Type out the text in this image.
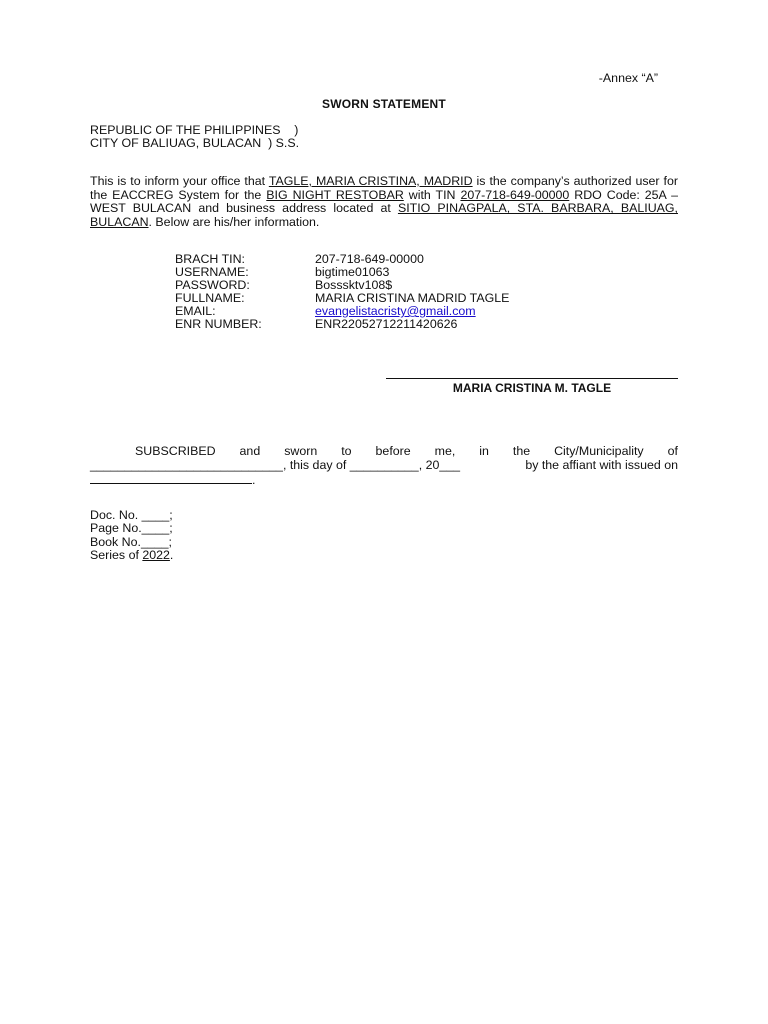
-Annex “A”
SWORN STATEMENT
REPUBLIC OF THE PHILIPPINES    )
CITY OF BALIUAG, BULACAN  ) S.S.
This is to inform your office that TAGLE, MARIA CRISTINA, MADRID is the company’s authorized user for the EACCREG System for the BIG NIGHT RESTOBAR with TIN 207-718-649-00000 RDO Code: 25A –WEST BULACAN and business address located at SITIO PINAGPALA, STA. BARBARA, BALIUAG, BULACAN. Below are his/her information.
BRACH TIN:	207-718-649-00000
USERNAME:	bigtime01063
PASSWORD:	Bosssktv108$
FULLNAME:	MARIA CRISTINA MADRID TAGLE
EMAIL:	evangelistacristy@gmail.com
ENR NUMBER:	ENR22052712211420626
MARIA CRISTINA M. TAGLE
SUBSCRIBED and sworn to before me, in the City/Municipality of
____________________________, this day of __________, 20___	by the affiant with issued on
.
Doc. No. ____;
Page No.____;
Book No.____;
Series of 2022.
